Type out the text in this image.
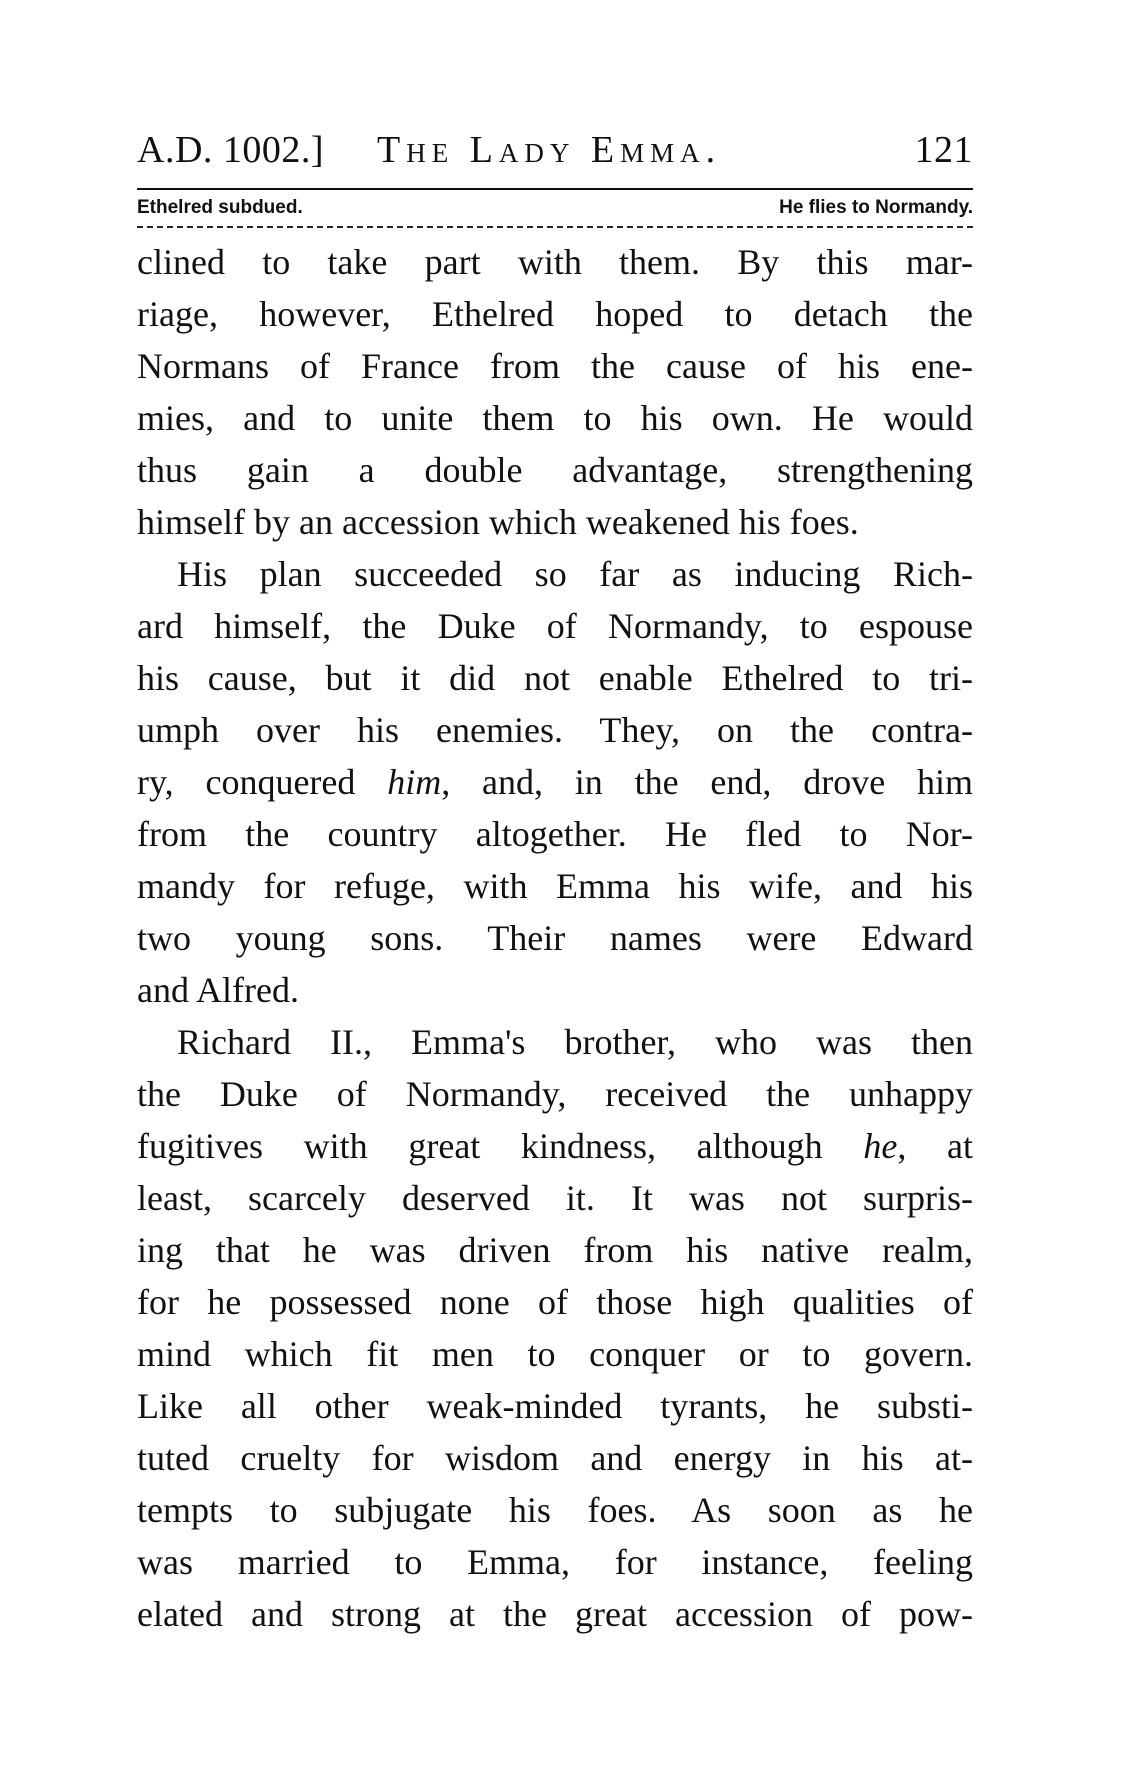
A.D. 1002.] The Lady Emma.	121
Ethelred subdued.	He flies to Normandy.

clined to take part with them. By this mar-
riage, however, Ethelred hoped to detach the
Normans of France from the cause of his ene-
mies, and to unite them to his own. He would
thus gain a double advantage, strengthening
himself by an accession which weakened his foes.

His plan succeeded so far as inducing Rich-
ard himself, the Duke of Normandy, to espouse
his cause, but it did not enable Ethelred to tri-
umph over his enemies. They, on the contra-
ry, conquered him, and, in the end, drove him
from the country altogether. He fled to Nor-
mandy for refuge, with Emma his wife, and his
two young sons. Their names were Edward
and Alfred.

Richard II., Emma's brother, who was then
the Duke of Normandy, received the unhappy
fugitives with great kindness, although he, at
least, scarcely deserved it. It was not surpris-
ing that he was driven from his native realm,
for he possessed none of those high qualities of
mind which fit men to conquer or to govern.
Like all other weak-minded tyrants, he substi-
tuted cruelty for wisdom and energy in his at-
tempts to subjugate his foes. As soon as he
was married to Emma, for instance, feeling
elated and strong at the great accession of pow-
